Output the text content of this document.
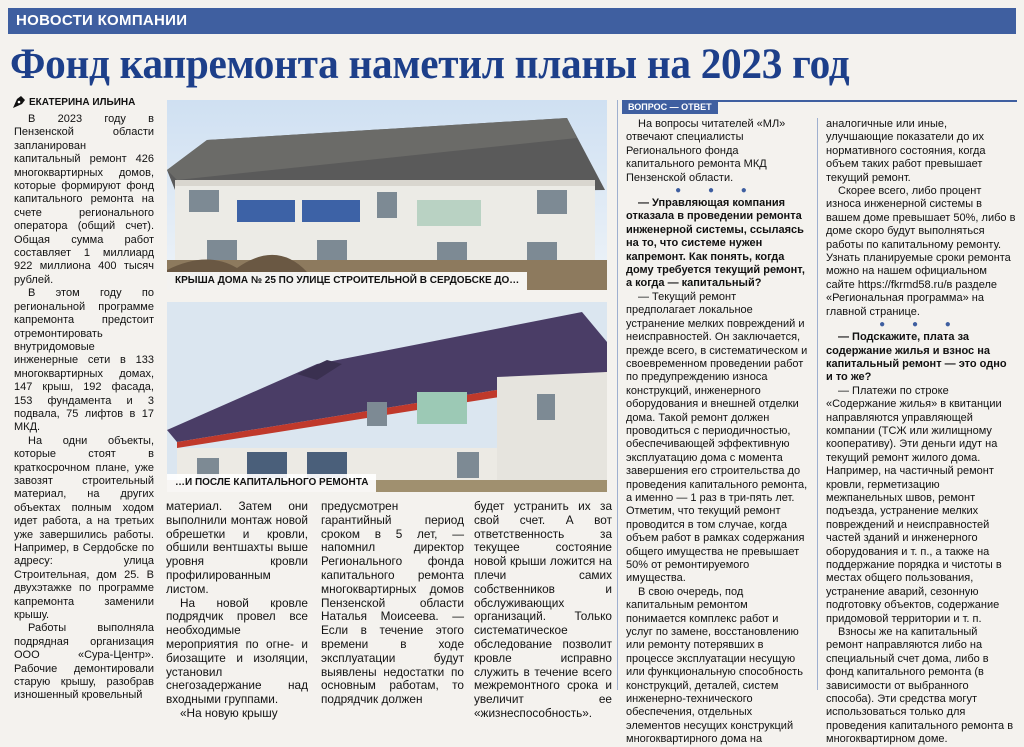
НОВОСТИ КОМПАНИИ
Фонд капремонта наметил планы на 2023 год
ЕКАТЕРИНА ИЛЬИНА

В 2023 году в Пензенской области запланирован капитальный ремонт 426 многоквартирных домов, которые формируют фонд капитального ремонта на счете регионального оператора (общий счет). Общая сумма работ составляет 1 миллиард 922 миллиона 400 тысяч рублей.

В этом году по региональной программе капремонта предстоит отремонтировать внутридомовые инженерные сети в 133 многоквартирных домах, 147 крыш, 192 фасада, 153 фундамента и 3 подвала, 75 лифтов в 17 МКД.

На одни объекты, которые стоят в краткосрочном плане, уже завозят строительный материал, на других объектах полным ходом идет работа, а на третьих уже завершились работы. Например, в Сердобске по адресу: улица Строительная, дом 25. В двухэтажке по программе капремонта заменили крышу.

Работы выполняла подрядная организация ООО «Сура-Центр». Рабочие демонтировали старую крышу, разобрав изношенный кровельный

КРЫША ДОМА № 25 ПО УЛИЦЕ СТРОИТЕЛЬНОЙ В СЕРДОБСКЕ ДО…
…И ПОСЛЕ КАПИТАЛЬНОГО РЕМОНТА

материал. Затем они выполнили монтаж новой обрешетки и кровли, обшили вентшахты выше уровня кровли профилированным листом.

На новой кровле подрядчик провел все необходимые мероприятия по огне- и биозащите и изоляции, установил снегозадержание над входными группами.

«На новую крышу

предусмотрен гарантийный период сроком в 5 лет, — напомнил директор Регионального фонда капитального ремонта многоквартирных домов Пензенской области Наталья Моисеева. — Если в течение этого времени в ходе эксплуатации будут выявлены недостатки по основным работам, то подрядчик должен

будет устранить их за свой счет. А вот ответственность за текущее состояние новой крыши ложится на плечи самих собственников и обслуживающих организаций. Только систематическое обследование позволит кровле исправно служить в течение всего межремонтного срока и увеличит ее «жизнеспособность».

ВОПРОС — ОТВЕТ

На вопросы читателей «МЛ» отвечают специалисты Регионального фонда капитального ремонта МКД Пензенской области.

● ● ●

— Управляющая компания отказала в проведении ремонта инженерной системы, ссылаясь на то, что системе нужен капремонт. Как понять, когда дому требуется текущий ремонт, а когда — капитальный?

— Текущий ремонт предполагает локальное устранение мелких повреждений и неисправностей. Он заключается, прежде всего, в систематическом и своевременном проведении работ по предупреждению износа конструкций, инженерного оборудования и внешней отделки дома. Такой ремонт должен проводиться с периодичностью, обеспечивающей эффективную эксплуатацию дома с момента завершения его строительства до проведения капитального ремонта, а именно — 1 раз в три-пять лет. Отметим, что текущий ремонт проводится в том случае, когда объем работ в рамках содержания общего имущества не превышает 50% от ремонтируемого имущества.

В свою очередь, под капитальным ремонтом понимается комплекс работ и услуг по замене, восстановлению или ремонту потерявших в процессе эксплуатации несущую или функциональную способность конструкций, деталей, систем инженерно-технического обеспечения, отдельных элементов несущих конструкций многоквартирного дома на

аналогичные или иные, улучшающие показатели до их нормативного состояния, когда объем таких работ превышает текущий ремонт.

Скорее всего, либо процент износа инженерной системы в вашем доме превышает 50%, либо в доме скоро будут выполняться работы по капитальному ремонту. Узнать планируемые сроки ремонта можно на нашем официальном сайте https://fkrmd58.ru/в разделе «Региональная программа» на главной странице.

● ● ●

— Подскажите, плата за содержание жилья и взнос на капитальный ремонт — это одно и то же?

— Платежи по строке «Содержание жилья» в квитанции направляются управляющей компании (ТСЖ или жилищному кооперативу). Эти деньги идут на текущий ремонт жилого дома. Например, на частичный ремонт кровли, герметизацию межпанельных швов, ремонт подъезда, устранение мелких повреждений и неисправностей частей зданий и инженерного оборудования и т. п., а также на поддержание порядка и чистоты в местах общего пользования, устранение аварий, сезонную подготовку объектов, содержание придомовой территории и т. п.

Взносы же на капитальный ремонт направляются либо на специальный счет дома, либо в фонд капитального ремонта (в зависимости от выбранного способа). Эти средства могут использоваться только для проведения капитального ремонта в многоквартирном доме.
